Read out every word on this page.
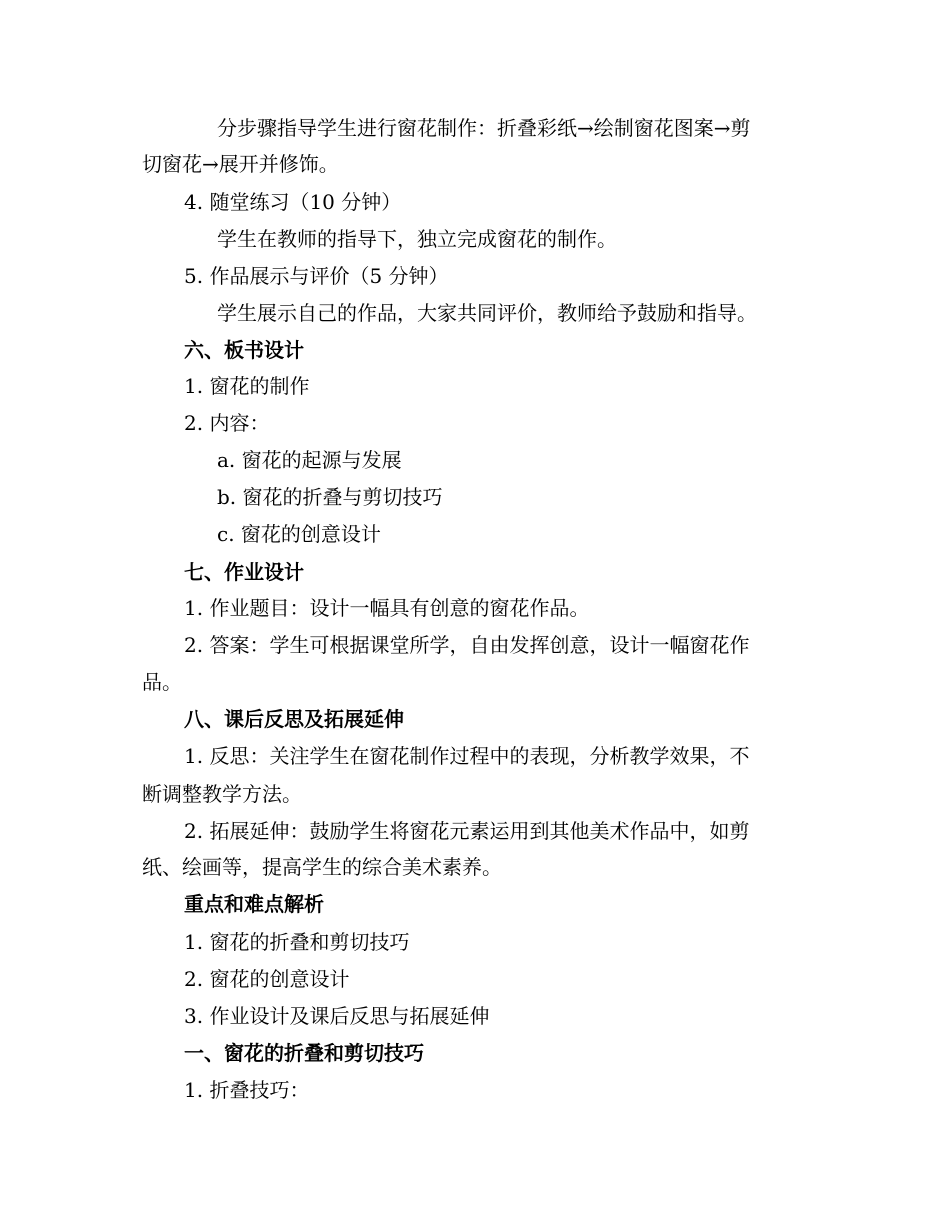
分步骤指导学生进行窗花制作：折叠彩纸→绘制窗花图案→剪
切窗花→展开并修饰。
4. 随堂练习（10 分钟）
学生在教师的指导下，独立完成窗花的制作。
5. 作品展示与评价（5 分钟）
学生展示自己的作品，大家共同评价，教师给予鼓励和指导。
六、板书设计
1. 窗花的制作
2. 内容：
a. 窗花的起源与发展
b. 窗花的折叠与剪切技巧
c. 窗花的创意设计
七、作业设计
1. 作业题目：设计一幅具有创意的窗花作品。
2. 答案：学生可根据课堂所学，自由发挥创意，设计一幅窗花作
品。
八、课后反思及拓展延伸
1. 反思：关注学生在窗花制作过程中的表现，分析教学效果，不
断调整教学方法。
2. 拓展延伸：鼓励学生将窗花元素运用到其他美术作品中，如剪
纸、绘画等，提高学生的综合美术素养。
重点和难点解析
1. 窗花的折叠和剪切技巧
2. 窗花的创意设计
3. 作业设计及课后反思与拓展延伸
一、窗花的折叠和剪切技巧
1. 折叠技巧：
